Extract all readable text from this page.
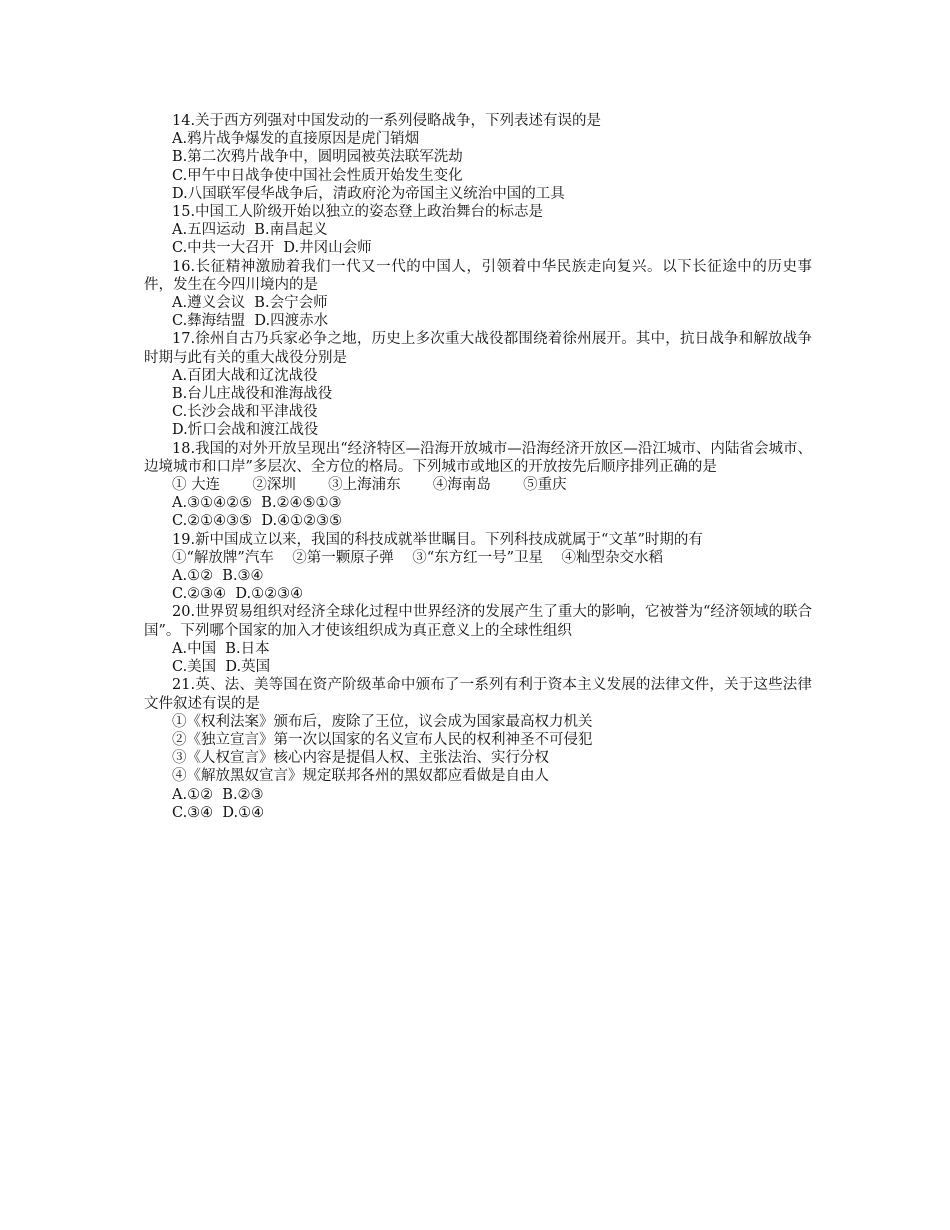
14.关于西方列强对中国发动的一系列侵略战争，下列表述有误的是

A.鸦片战争爆发的直接原因是虎门销烟

B.第二次鸦片战争中，圆明园被英法联军洗劫

C.甲午中日战争使中国社会性质开始发生变化

D.八国联军侵华战争后，清政府沦为帝国主义统治中国的工具

15.中国工人阶级开始以独立的姿态登上政治舞台的标志是

A.五四运动  B.南昌起义

C.中共一大召开  D.井冈山会师

16.长征精神激励着我们一代又一代的中国人，引领着中华民族走向复兴。以下长征途中的历史事件，发生在今四川境内的是

A.遵义会议  B.会宁会师

C.彝海结盟  D.四渡赤水

17.徐州自古乃兵家必争之地，历史上多次重大战役都围绕着徐州展开。其中，抗日战争和解放战争时期与此有关的重大战役分别是

A.百团大战和辽沈战役

B.台儿庄战役和淮海战役

C.长沙会战和平津战役

D.忻口会战和渡江战役

18.我国的对外开放呈现出“经济特区—沿海开放城市—沿海经济开放区—沿江城市、内陆省会城市、边境城市和口岸”多层次、全方位的格局。下列城市或地区的开放按先后顺序排列正确的是

① 大连       ②深圳       ③上海浦东       ④海南岛       ⑤重庆

A.③①④②⑤  B.②④⑤①③

C.②①④③⑤  D.④①②③⑤

19.新中国成立以来，我国的科技成就举世瞩目。下列科技成就属于“文革”时期的有

①“解放牌”汽车    ②第一颗原子弹    ③“东方红一号”卫星    ④籼型杂交水稻

A.①②  B.③④

C.②③④  D.①②③④

20.世界贸易组织对经济全球化过程中世界经济的发展产生了重大的影响，它被誉为“经济领域的联合国”。下列哪个国家的加入才使该组织成为真正意义上的全球性组织

A.中国  B.日本

C.美国  D.英国

21.英、法、美等国在资产阶级革命中颁布了一系列有利于资本主义发展的法律文件，关于这些法律文件叙述有误的是

①《权利法案》颁布后，废除了王位，议会成为国家最高权力机关

②《独立宣言》第一次以国家的名义宣布人民的权利神圣不可侵犯

③《人权宣言》核心内容是提倡人权、主张法治、实行分权

④《解放黑奴宣言》规定联邦各州的黑奴都应看做是自由人

A.①②  B.②③

C.③④  D.①④
